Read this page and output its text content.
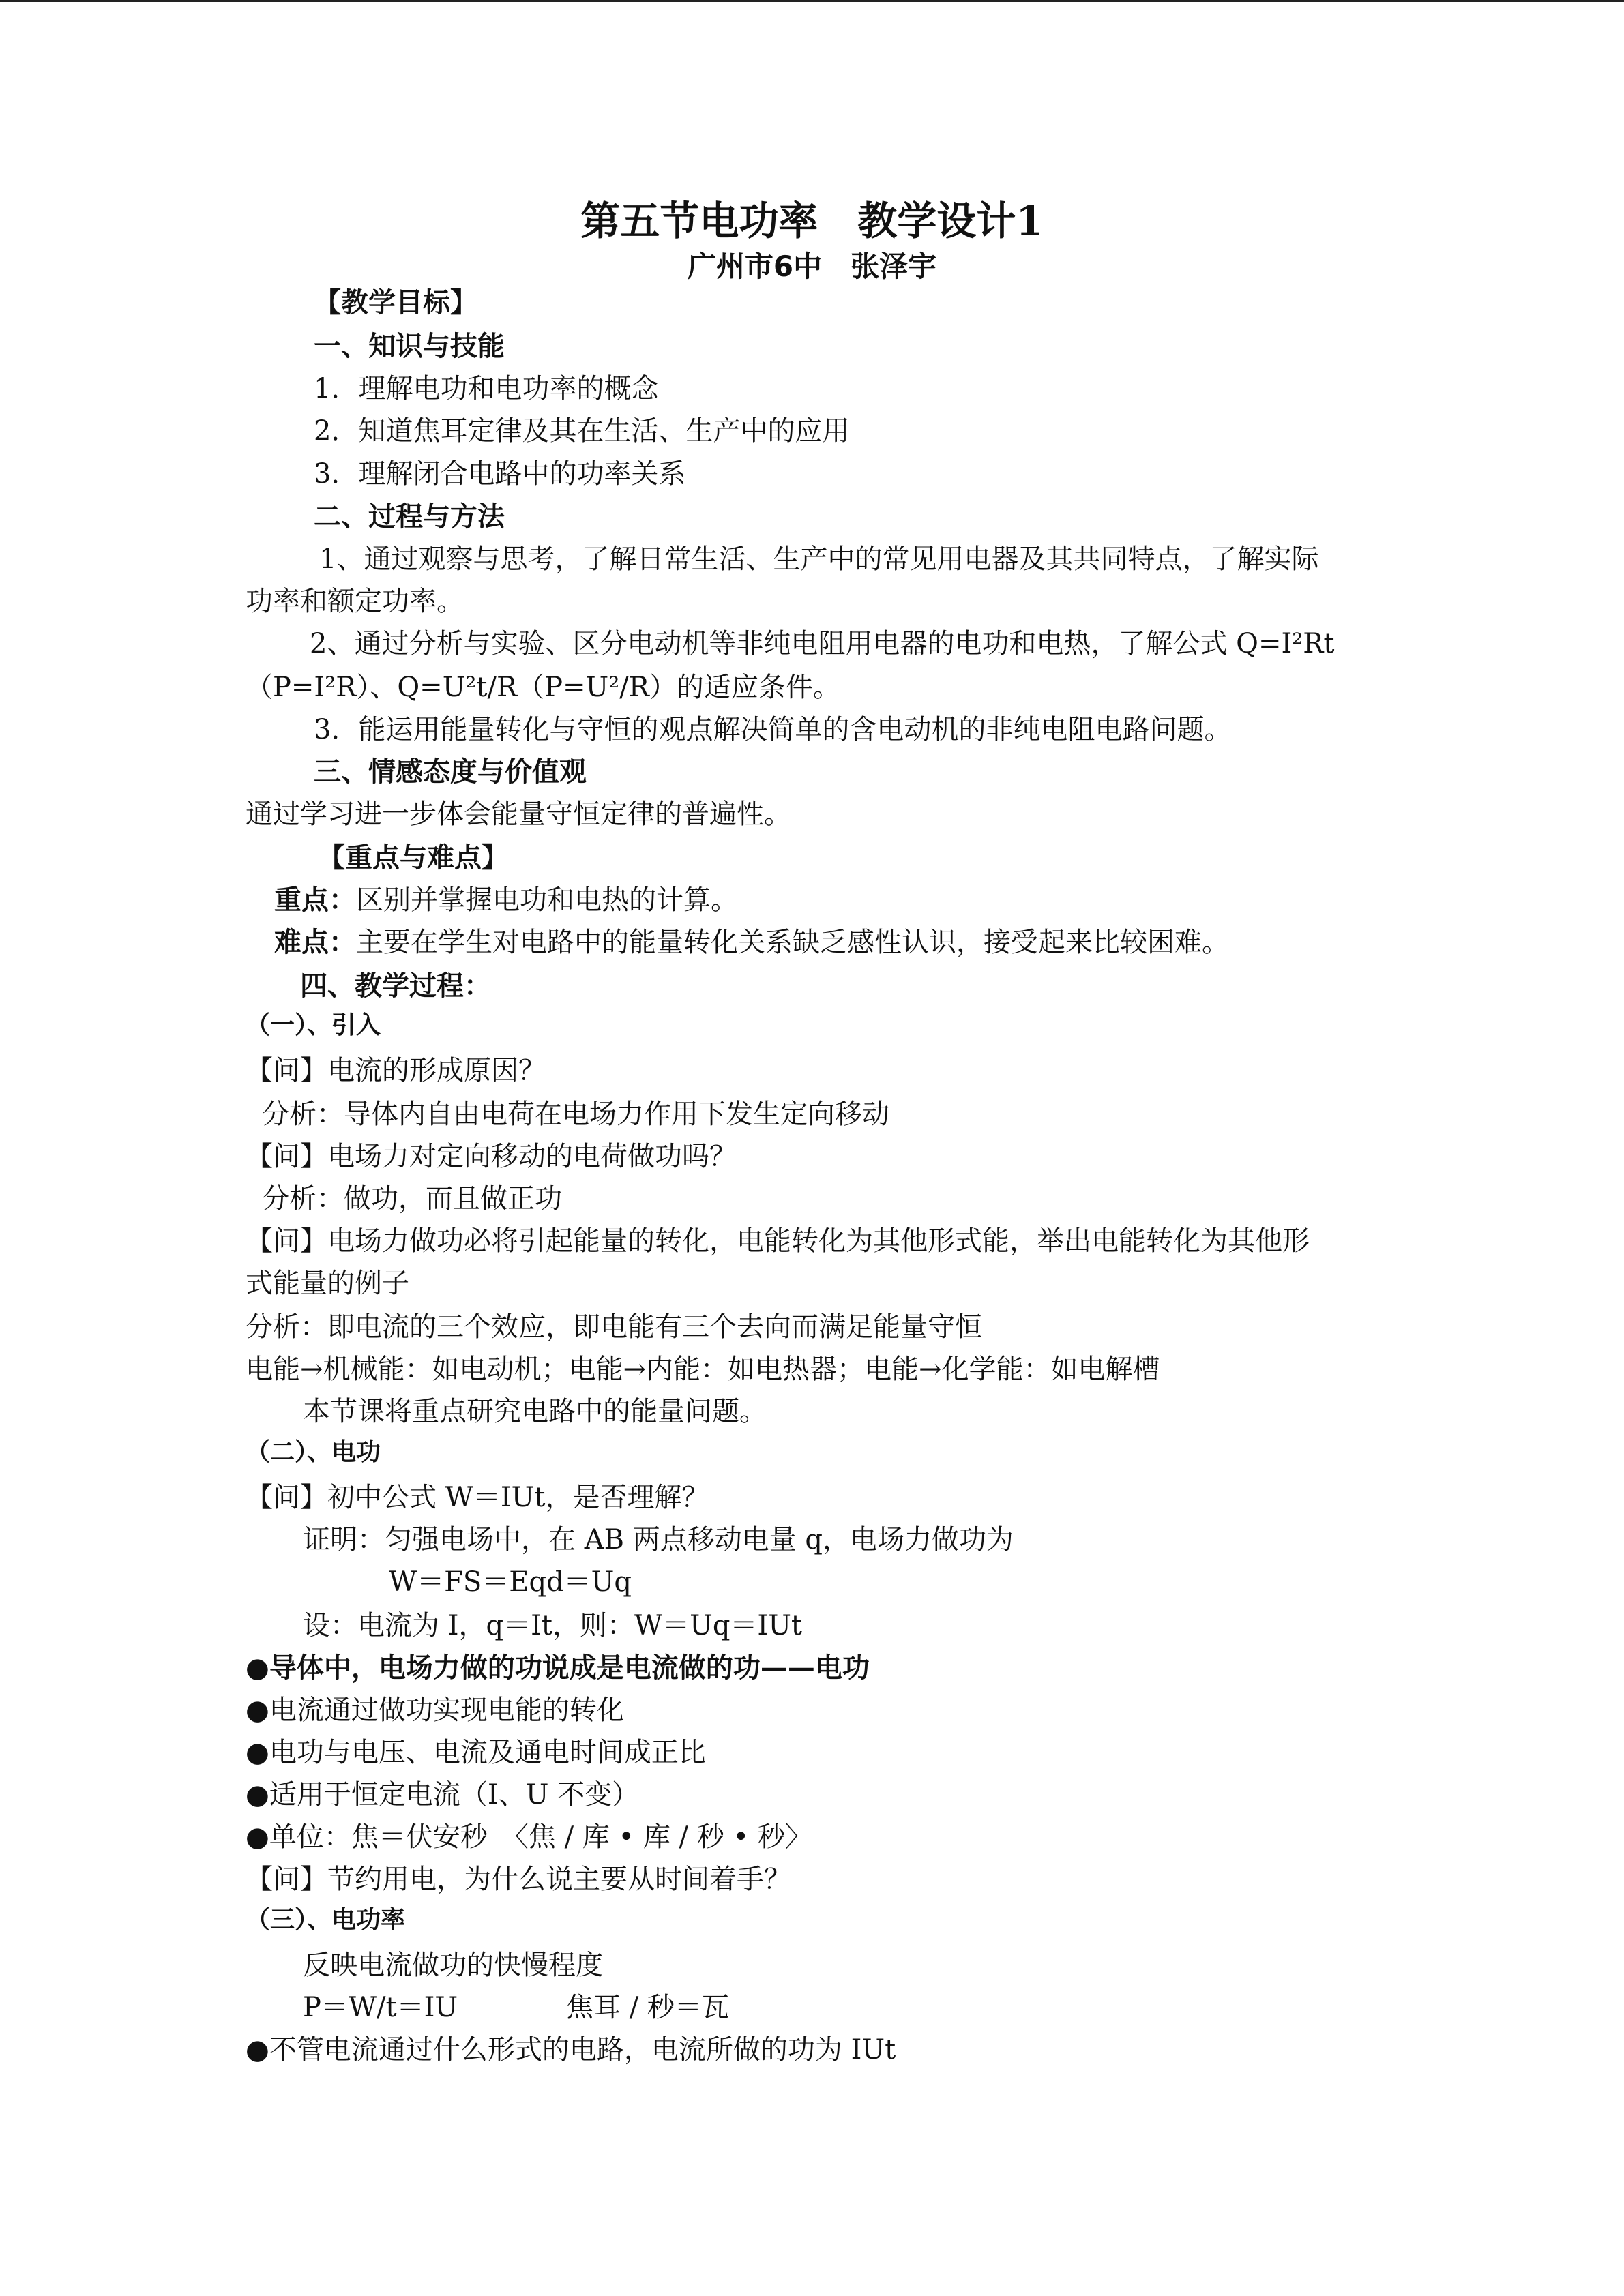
第五节电功率　教学设计1
广州市6中　张泽宇
【教学目标】
一、知识与技能
1．理解电功和电功率的概念
2．知道焦耳定律及其在生活、生产中的应用
3．理解闭合电路中的功率关系
二、过程与方法
1、通过观察与思考，了解日常生活、生产中的常见用电器及其共同特点，了解实际
功率和额定功率。
2、通过分析与实验、区分电动机等非纯电阻用电器的电功和电热，了解公式 Q=I²Rt
（P=I²R）、Q=U²t/R（P=U²/R）的适应条件。
3．能运用能量转化与守恒的观点解决简单的含电动机的非纯电阻电路问题。
三、情感态度与价值观
通过学习进一步体会能量守恒定律的普遍性。
【重点与难点】
重点：区别并掌握电功和电热的计算。
难点：主要在学生对电路中的能量转化关系缺乏感性认识，接受起来比较困难。
四、教学过程：
（一）、引入
【问】电流的形成原因？
分析：导体内自由电荷在电场力作用下发生定向移动
【问】电场力对定向移动的电荷做功吗？
分析：做功，而且做正功
【问】电场力做功必将引起能量的转化，电能转化为其他形式能，举出电能转化为其他形
式能量的例子
分析：即电流的三个效应，即电能有三个去向而满足能量守恒
电能→机械能：如电动机；电能→内能：如电热器；电能→化学能：如电解槽
本节课将重点研究电路中的能量问题。
（二）、电功
【问】初中公式 W＝IUt，是否理解？
证明：匀强电场中，在 AB 两点移动电量 q，电场力做功为
W＝FS＝Eqd＝Uq
设：电流为 I，q＝It，则：W＝Uq＝IUt
●导体中，电场力做的功说成是电流做的功——电功
●电流通过做功实现电能的转化
●电功与电压、电流及通电时间成正比
●适用于恒定电流（I、U 不变）
●单位：焦＝伏安秒　〈焦 / 库 • 库 / 秒 • 秒〉
【问】节约用电，为什么说主要从时间着手？
（三）、电功率
反映电流做功的快慢程度
P＝W/t＝IU	焦耳 / 秒＝瓦
●不管电流通过什么形式的电路，电流所做的功为 IUt
